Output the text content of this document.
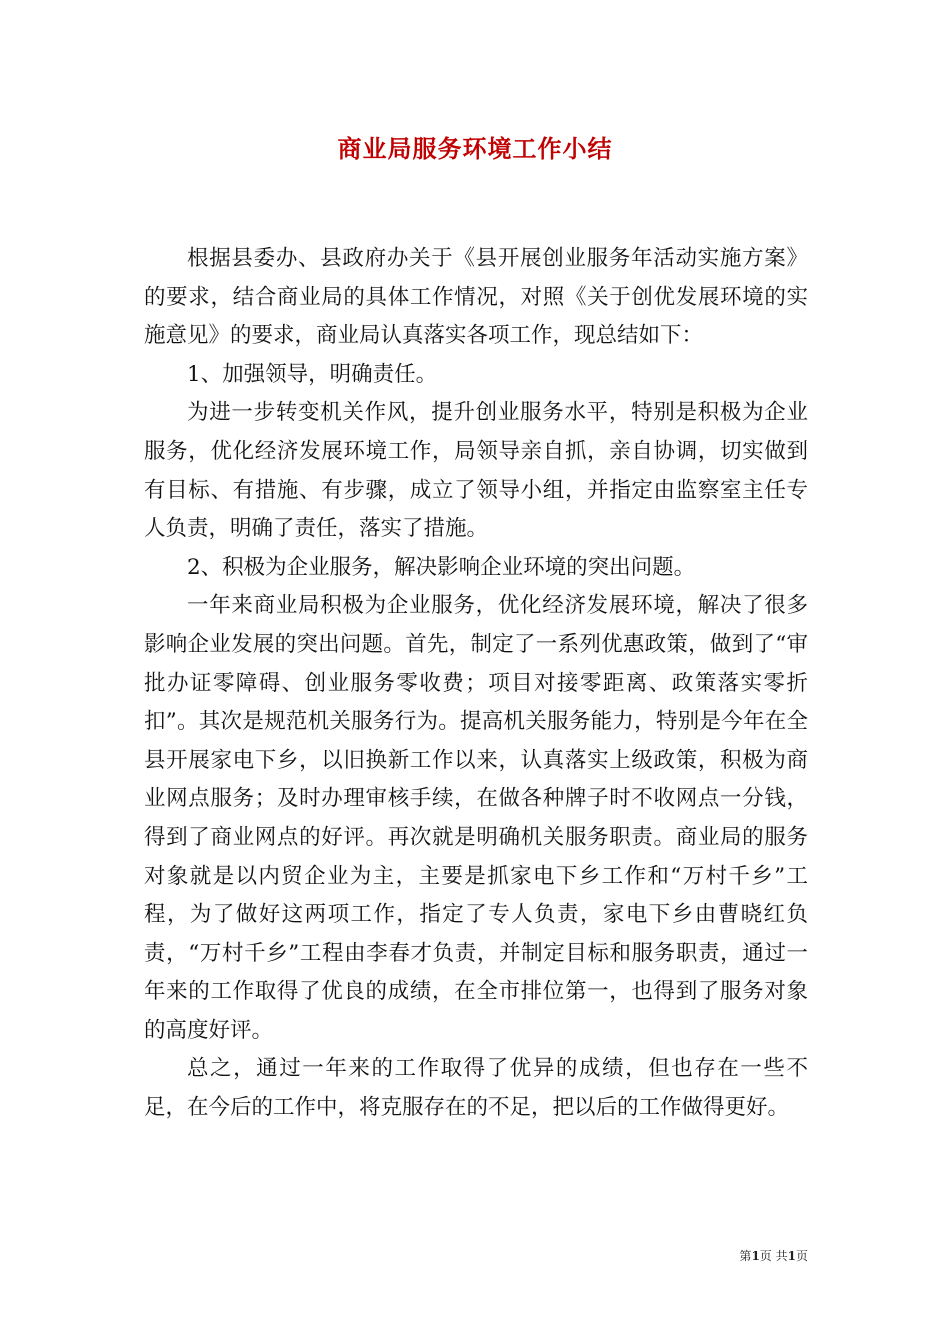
商业局服务环境工作小结

根据县委办、县政府办关于《县开展创业服务年活动实施方案》的要求，结合商业局的具体工作情况，对照《关于创优发展环境的实施意见》的要求，商业局认真落实各项工作，现总结如下：

1、加强领导，明确责任。

为进一步转变机关作风，提升创业服务水平，特别是积极为企业服务，优化经济发展环境工作，局领导亲自抓，亲自协调，切实做到有目标、有措施、有步骤，成立了领导小组，并指定由监察室主任专人负责，明确了责任，落实了措施。

2、积极为企业服务，解决影响企业环境的突出问题。

一年来商业局积极为企业服务，优化经济发展环境，解决了很多影响企业发展的突出问题。首先，制定了一系列优惠政策，做到了“审批办证零障碍、创业服务零收费；项目对接零距离、政策落实零折扣”。其次是规范机关服务行为。提高机关服务能力，特别是今年在全县开展家电下乡，以旧换新工作以来，认真落实上级政策，积极为商业网点服务；及时办理审核手续，在做各种牌子时不收网点一分钱，得到了商业网点的好评。再次就是明确机关服务职责。商业局的服务对象就是以内贸企业为主，主要是抓家电下乡工作和“万村千乡”工程，为了做好这两项工作，指定了专人负责，家电下乡由曹晓红负责，“万村千乡”工程由李春才负责，并制定目标和服务职责，通过一年来的工作取得了优良的成绩，在全市排位第一，也得到了服务对象的高度好评。

总之，通过一年来的工作取得了优异的成绩，但也存在一些不足，在今后的工作中，将克服存在的不足，把以后的工作做得更好。

第1页 共1页
